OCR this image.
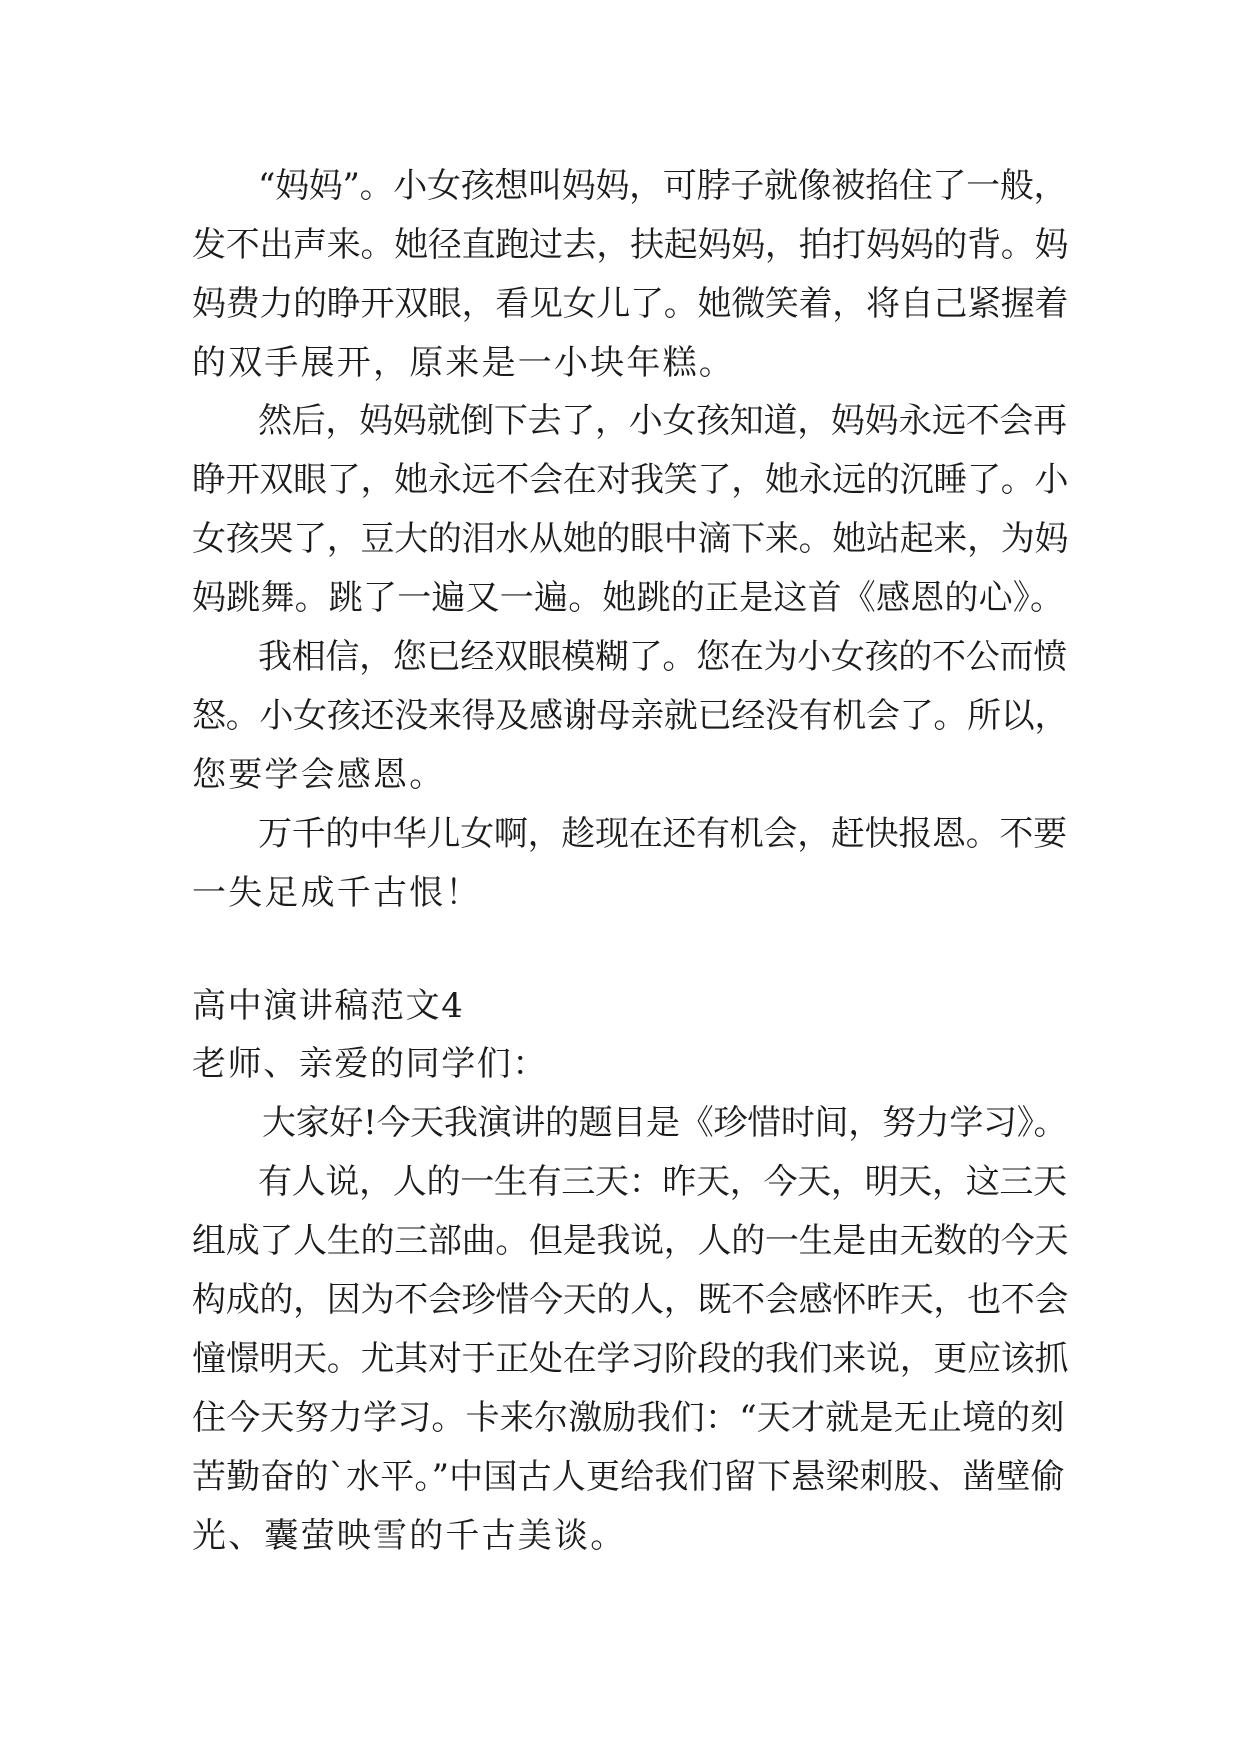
“妈妈”。小女孩想叫妈妈，可脖子就像被掐住了一般，
发不出声来。她径直跑过去，扶起妈妈，拍打妈妈的背。妈
妈费力的睁开双眼，看见女儿了。她微笑着，将自己紧握着
的双手展开，原来是一小块年糕。
然后，妈妈就倒下去了，小女孩知道，妈妈永远不会再
睁开双眼了，她永远不会在对我笑了，她永远的沉睡了。小
女孩哭了，豆大的泪水从她的眼中滴下来。她站起来，为妈
妈跳舞。跳了一遍又一遍。她跳的正是这首《感恩的心》。
我相信，您已经双眼模糊了。您在为小女孩的不公而愤
怒。小女孩还没来得及感谢母亲就已经没有机会了。所以，
您要学会感恩。
万千的中华儿女啊，趁现在还有机会，赶快报恩。不要
一失足成千古恨！
高中演讲稿范文4
老师、亲爱的同学们：
大家好!今天我演讲的题目是《珍惜时间，努力学习》。
有人说，人的一生有三天：昨天，今天，明天，这三天
组成了人生的三部曲。但是我说，人的一生是由无数的今天
构成的，因为不会珍惜今天的人，既不会感怀昨天，也不会
憧憬明天。尤其对于正处在学习阶段的我们来说，更应该抓
住今天努力学习。卡来尔激励我们：“天才就是无止境的刻
苦勤奋的`水平。”中国古人更给我们留下悬梁刺股、凿壁偷
光、囊萤映雪的千古美谈。
